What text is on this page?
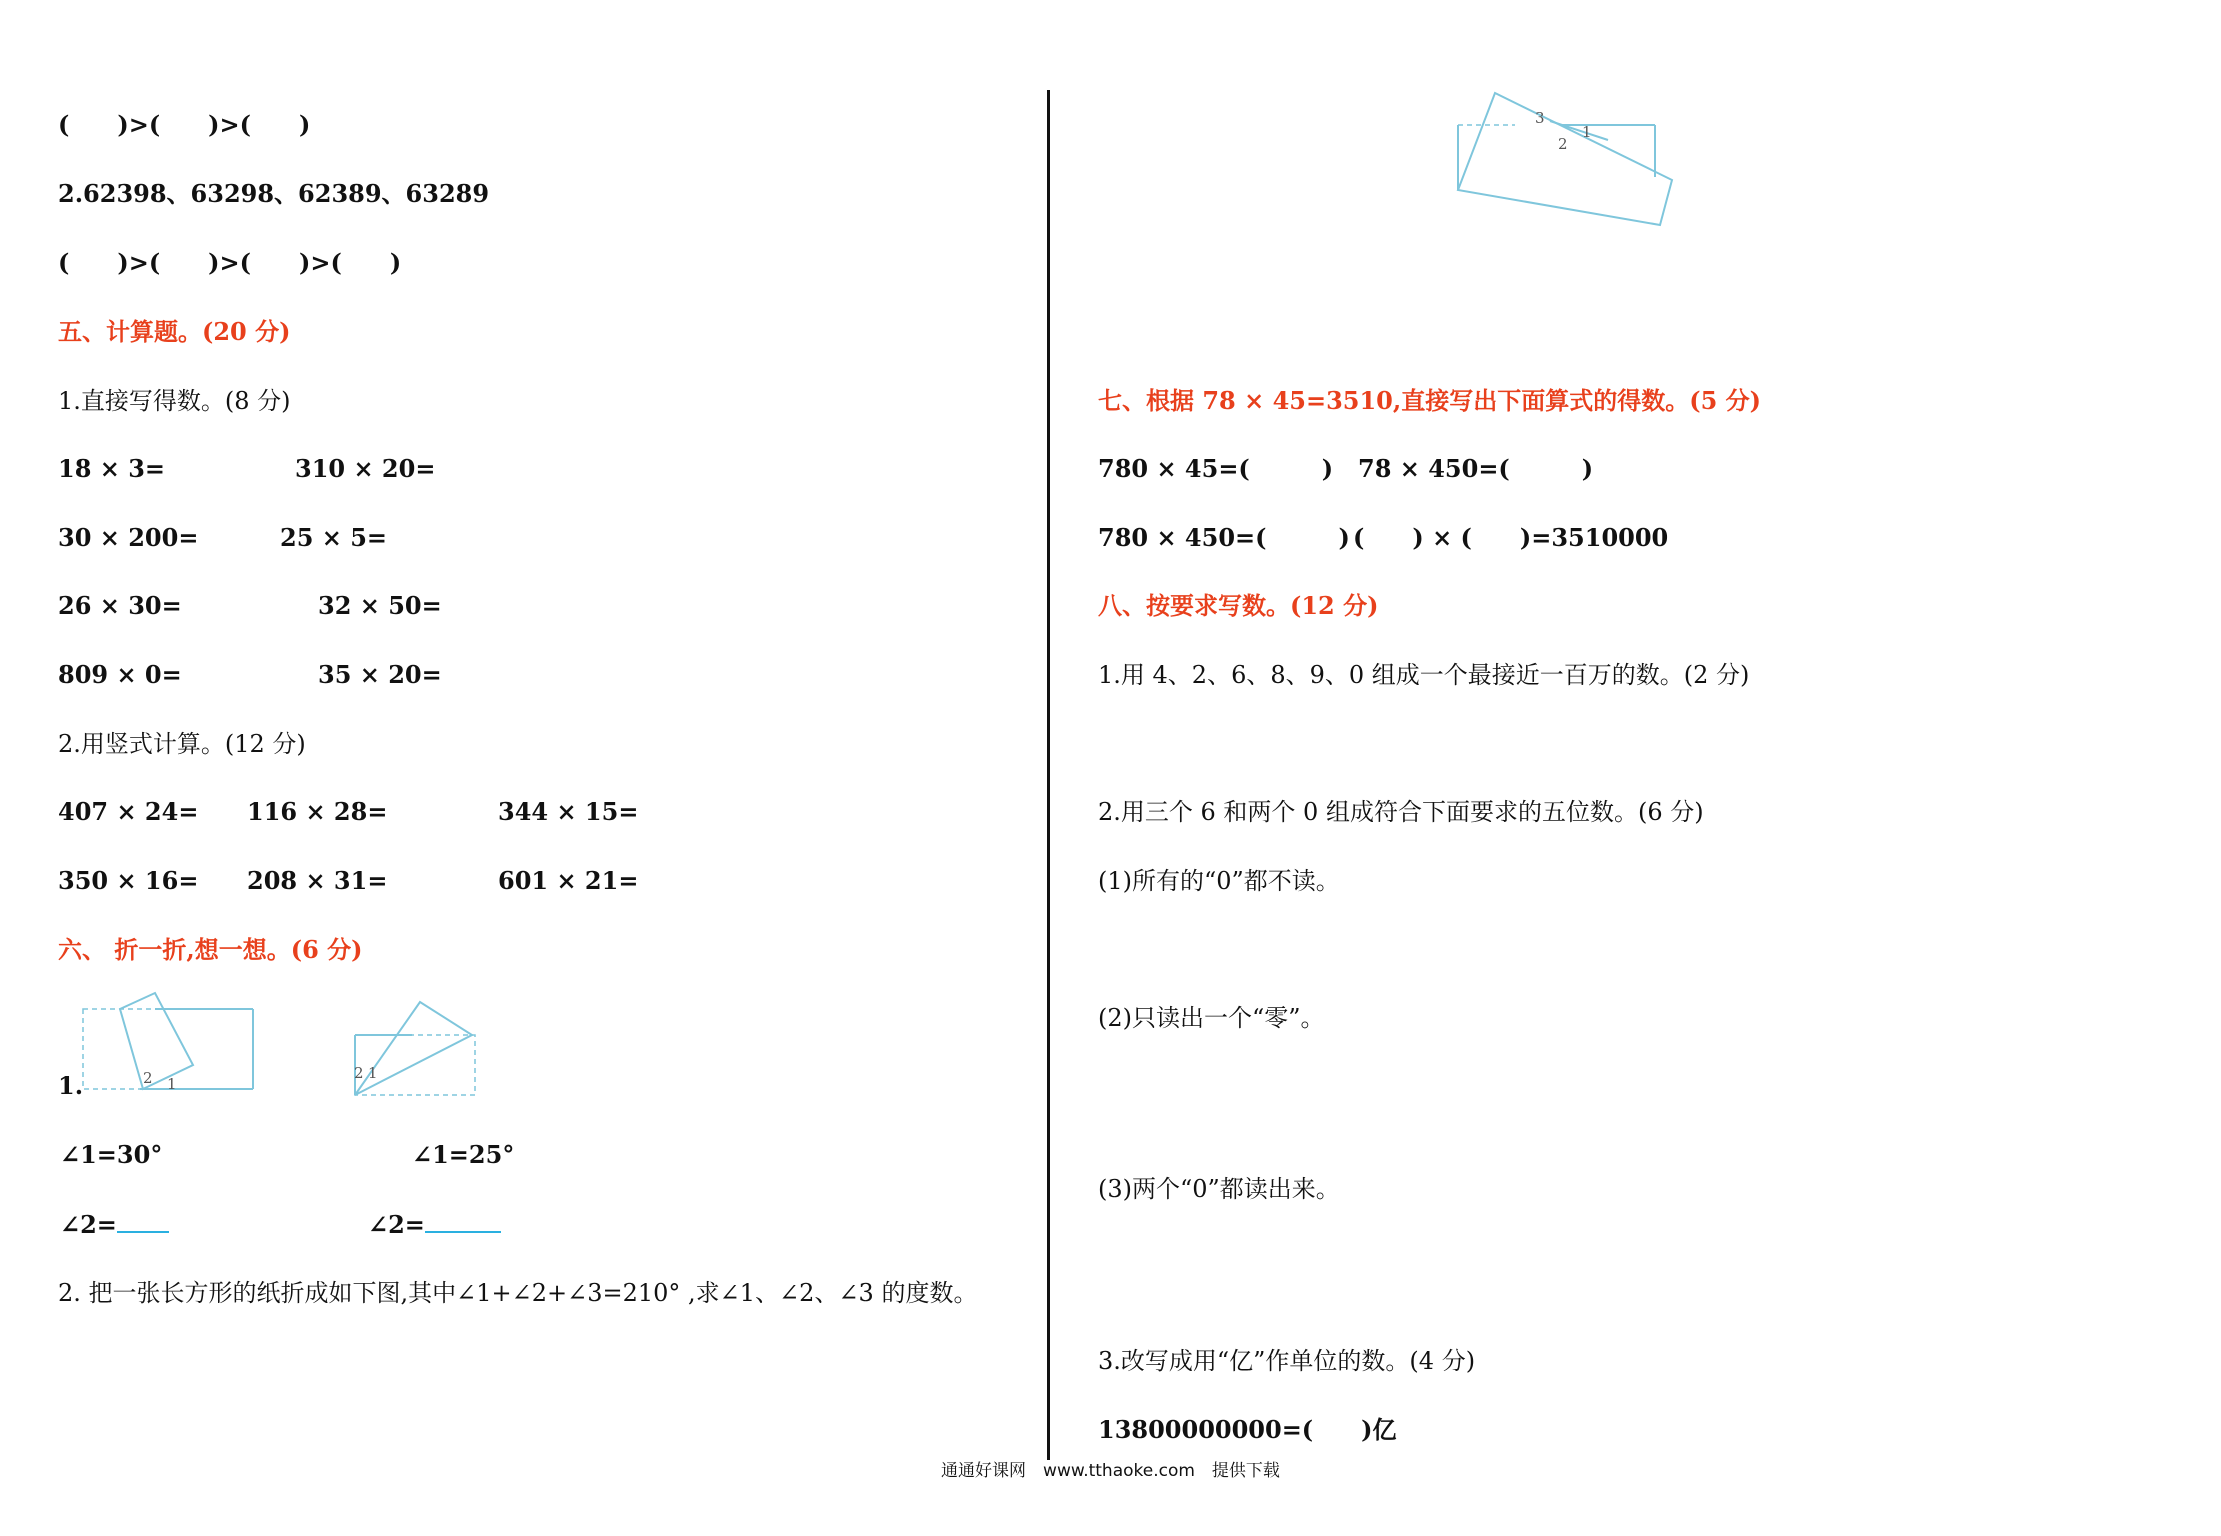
(　　)>(　　)>(　　)
2.62398、63298、62389、63289
(　　)>(　　)>(　　)>(　　)
五、计算题。(20 分)
1.直接写得数。(8 分)
18 × 3=	310 × 20=
30 × 200=	25 × 5=
26 × 30=	32 × 50=
809 × 0=	35 × 20=
2.用竖式计算。(12 分)
407 × 24= 116 × 28=	344 × 15=
350 × 16= 208 × 31=	601 × 21=
六、 折一折,想一想。(6 分)
2 1
1.	2 1
∠1=30°	∠1=25°
∠2=	∠2=
2. 把一张长方形的纸折成如下图,其中∠1+∠2+∠3=210° ,求∠1、∠2、∠3 的度数。
3
2
1
七、根据 78 × 45=3510,直接写出下面算式的得数。(5 分)
780 × 45=(　　　) 78 × 450=(　　　)
780 × 450=(　　　) (　　) × (　　)=3510000
八、按要求写数。(12 分)
1.用 4、2、6、8、9、0 组成一个最接近一百万的数。(2 分)
2.用三个 6 和两个 0 组成符合下面要求的五位数。(6 分)
(1)所有的“0”都不读。
(2)只读出一个“零”。
(3)两个“0”都读出来。
3.改写成用“亿”作单位的数。(4 分)
13800000000=(　　)亿
通通好课网　www.tthaoke.com　提供下载
